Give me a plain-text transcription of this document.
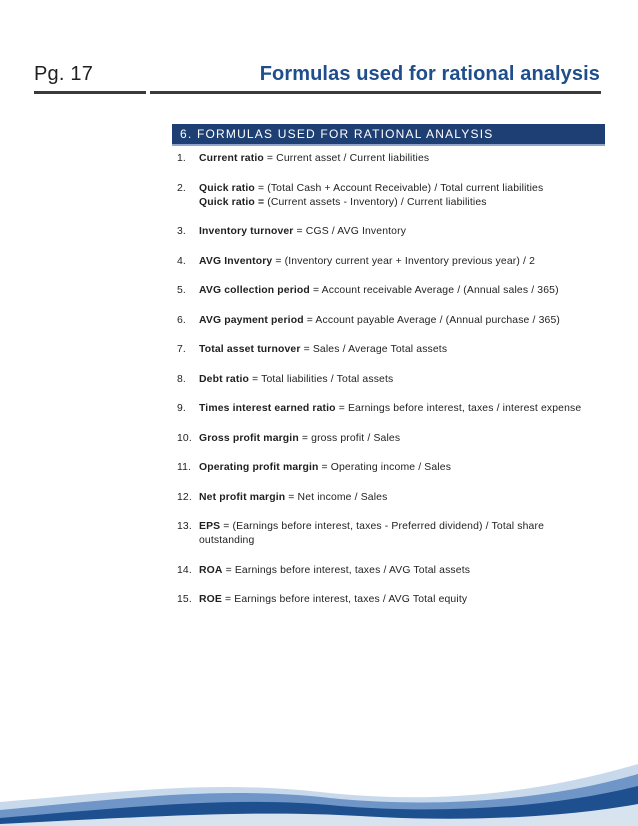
Pg. 17	Formulas used for rational analysis
6. FORMULAS USED FOR RATIONAL ANALYSIS
1. Current ratio = Current asset / Current liabilities
2. Quick ratio = (Total Cash + Account Receivable) / Total current liabilities
Quick ratio = (Current assets - Inventory) / Current liabilities
3. Inventory turnover = CGS / AVG Inventory
4. AVG Inventory = (Inventory current year + Inventory previous year) / 2
5. AVG collection period = Account receivable Average / (Annual sales / 365)
6. AVG payment period = Account payable Average / (Annual purchase / 365)
7. Total asset turnover = Sales / Average Total assets
8. Debt ratio = Total liabilities / Total assets
9. Times interest earned ratio = Earnings before interest, taxes / interest expense
10. Gross profit margin = gross profit / Sales
11. Operating profit margin = Operating income / Sales
12. Net profit margin = Net income / Sales
13. EPS = (Earnings before interest, taxes - Preferred dividend) / Total share
outstanding
14. ROA = Earnings before interest, taxes / AVG Total assets
15. ROE = Earnings before interest, taxes / AVG Total equity
